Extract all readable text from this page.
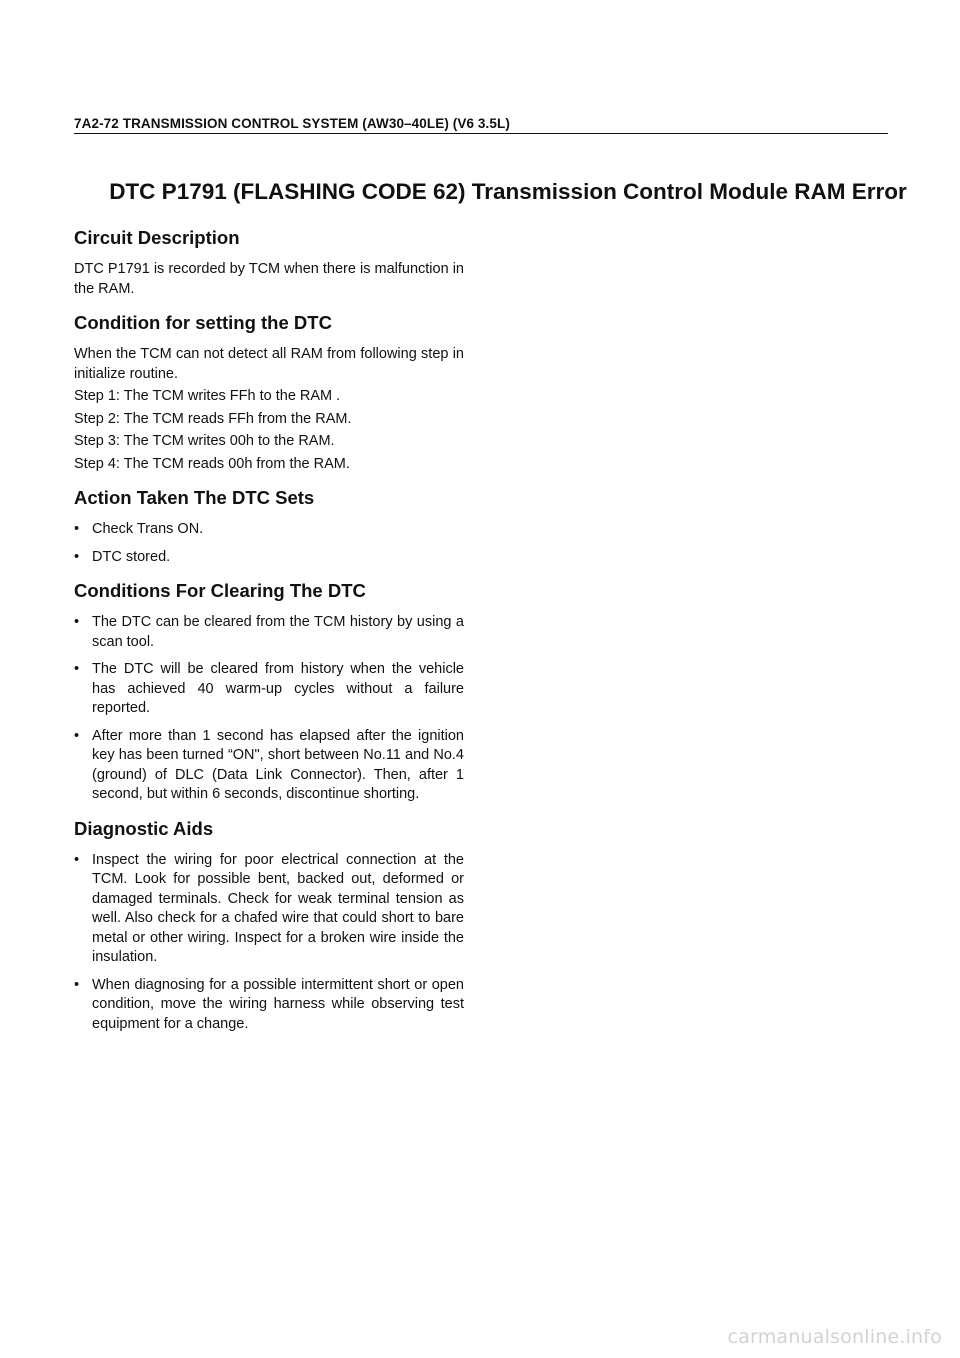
7A2-72 TRANSMISSION CONTROL SYSTEM (AW30–40LE) (V6 3.5L)
DTC P1791 (FLASHING CODE 62) Transmission Control Module RAM Error
Circuit Description

DTC P1791 is recorded by TCM when there is malfunction in the RAM.

Condition for setting the DTC

When the TCM can not detect all RAM from following step in initialize routine.

Step 1: The TCM writes FFh to the RAM .

Step 2: The TCM reads FFh from the RAM.

Step 3: The TCM writes 00h to the RAM.

Step 4: The TCM reads 00h from the RAM.

Action Taken The DTC Sets
• Check Trans ON.
• DTC stored.
Conditions For Clearing The DTC
• The DTC can be cleared from the TCM history by using a scan tool.
• The DTC will be cleared from history when the vehicle has achieved 40 warm-up cycles without a failure reported.
• After more than 1 second has elapsed after the ignition key has been turned “ON", short between No.11 and No.4 (ground) of DLC (Data Link Connector). Then, after 1 second, but within 6 seconds, discontinue shorting.
Diagnostic Aids
• Inspect the wiring for poor electrical connection at the TCM. Look for possible bent, backed out, deformed or damaged terminals. Check for weak terminal tension as well. Also check for a chafed wire that could short to bare metal or other wiring. Inspect for a broken wire inside the insulation.
• When diagnosing for a possible intermittent short or open condition, move the wiring harness while observing test equipment for a change.
carmanualsonline.info
